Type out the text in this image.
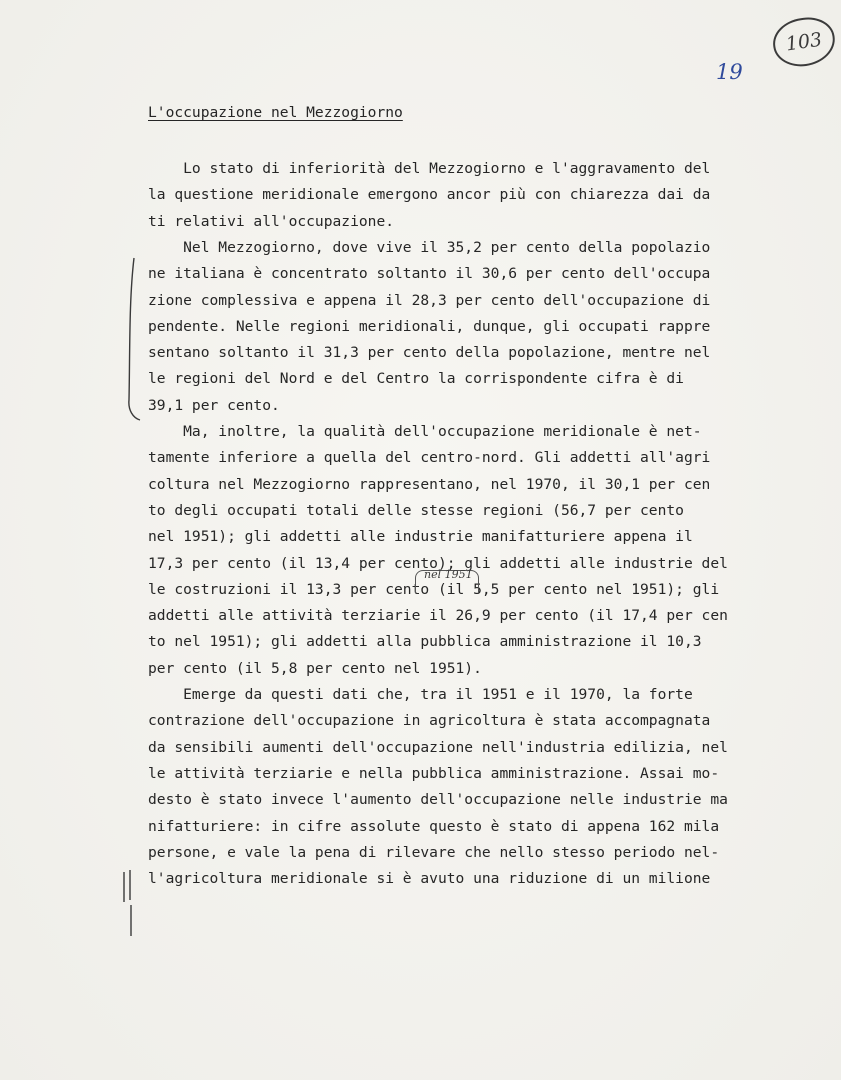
103
19
L'occupazione nel Mezzogiorno
Lo stato di inferiorità del Mezzogiorno e l'aggravamento del
la questione meridionale emergono ancor più con chiarezza dai da
ti relativi all'occupazione.
Nel Mezzogiorno, dove vive il 35,2 per cento della popolazio
ne italiana è concentrato soltanto il 30,6 per cento dell'occupa
zione complessiva e appena il 28,3 per cento dell'occupazione di
pendente. Nelle regioni meridionali, dunque, gli occupati rappre
sentano soltanto il 31,3 per cento della popolazione, mentre nel
le regioni del Nord e del Centro la corrispondente cifra è di
39,1 per cento.
Ma, inoltre, la qualità dell'occupazione meridionale è net-
tamente inferiore a quella del centro-nord. Gli addetti all'agri
coltura nel Mezzogiorno rappresentano, nel 1970, il 30,1 per cen
to degli occupati totali delle stesse regioni (56,7 per cento
nel 1951); gli addetti alle industrie manifatturiere appena il
17,3 per cento (il 13,4 per cento); gli addetti alle industrie del
le costruzioni il 13,3 per cento (il 5,5 per cento nel 1951); gli
addetti alle attività terziarie il 26,9 per cento (il 17,4 per cen
to nel 1951); gli addetti alla pubblica amministrazione il 10,3
per cento (il 5,8 per cento nel 1951).
Emerge da questi dati che, tra il 1951 e il 1970, la forte
contrazione dell'occupazione in agricoltura è stata accompagnata
da sensibili aumenti dell'occupazione nell'industria edilizia, nel
le attività terziarie e nella pubblica amministrazione. Assai mo-
desto è stato invece l'aumento dell'occupazione nelle industrie ma
nifatturiere: in cifre assolute questo è stato di appena 162 mila
persone, e vale la pena di rilevare che nello stesso periodo nel-
l'agricoltura meridionale si è avuto una riduzione di un milione
nel 1951
